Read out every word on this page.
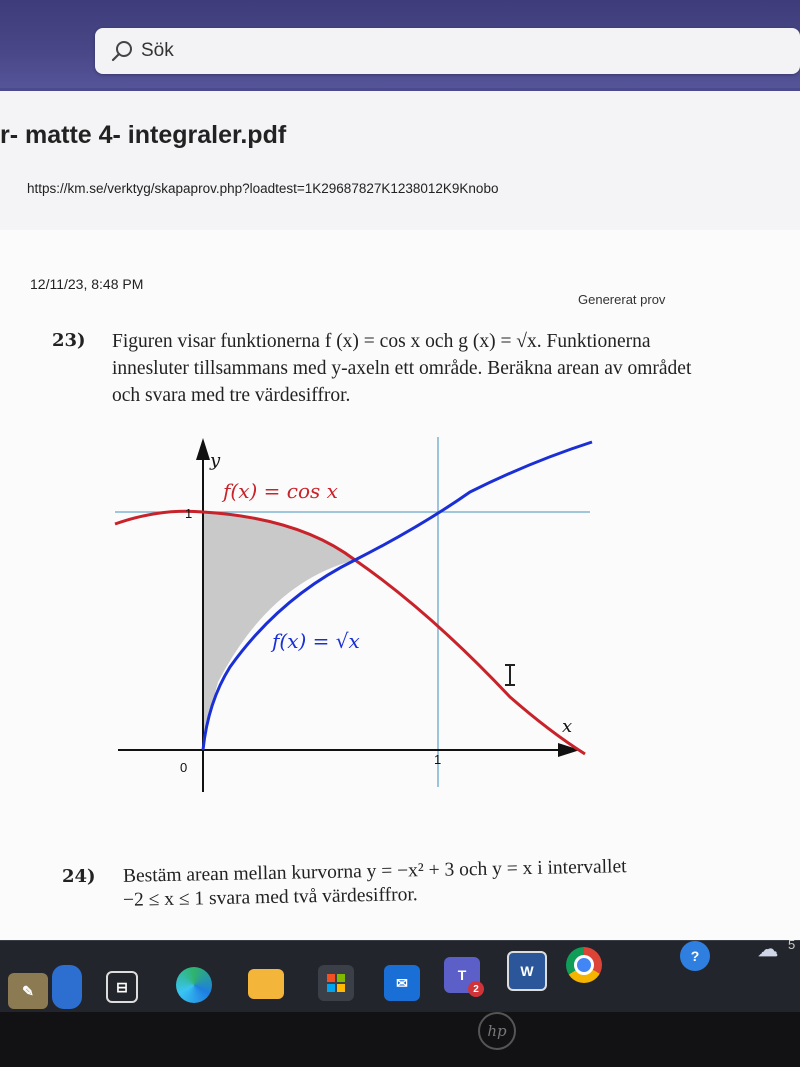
Sök
r- matte 4- integraler.pdf
https://km.se/verktyg/skapaprov.php?loadtest=1K29687827K1238012K9Knobo
12/11/23, 8:48 PM
Genererat prov
23) Figuren visar funktionerna f (x) = cos x och g (x) = √x. Funktionerna
innesluter tillsammans med y-axeln ett område. Beräkna arean av området
och svara med tre värdesiffror.
f(x) = cos x
f(x) = √x
y
x
0
1
1
24) Bestäm arean mellan kurvorna y = −x² + 3 och y = x i intervallet
−2 ≤ x ≤ 1 svara med två värdesiffror.
✎	⊟	✉	T
2
W
?	☁ 5
hp
